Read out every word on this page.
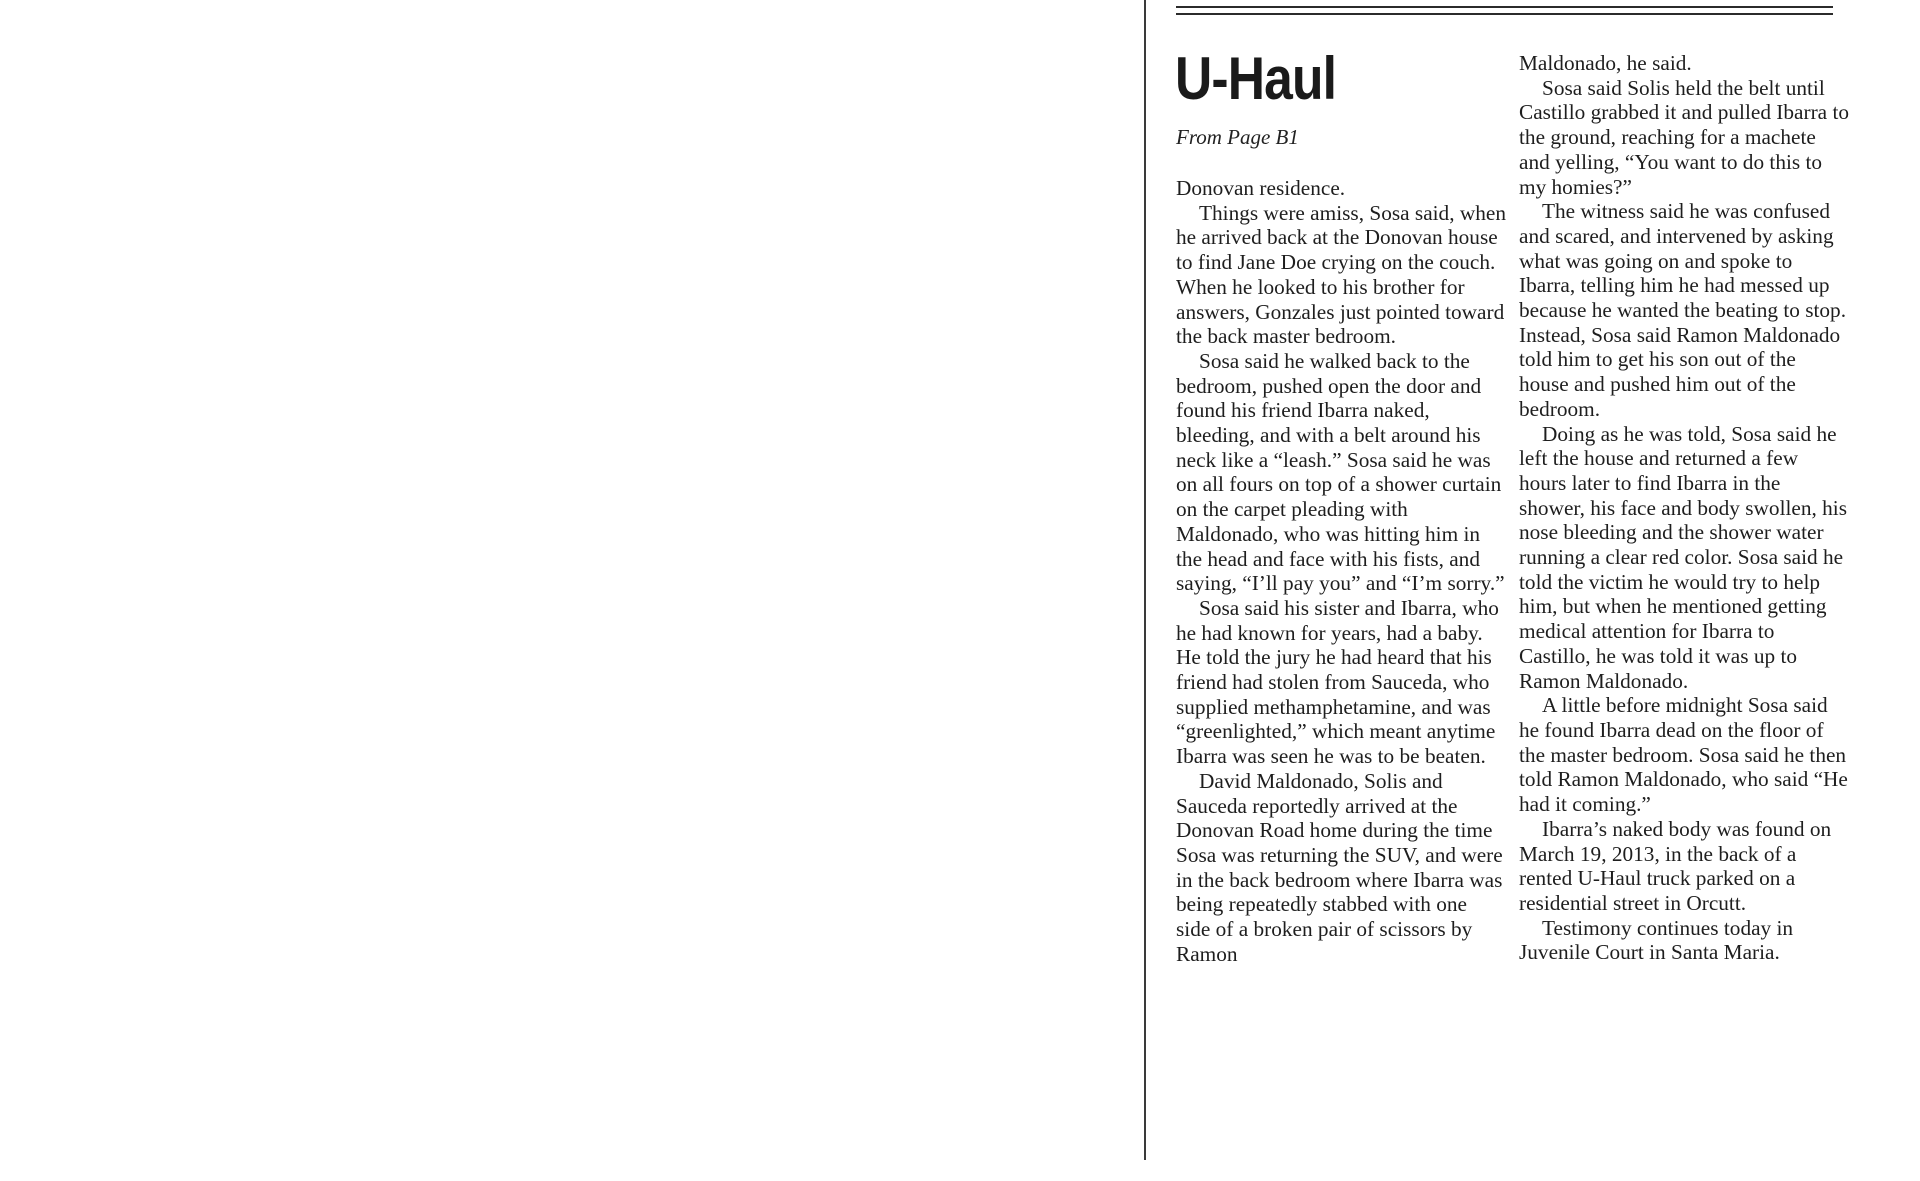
U-Haul
From Page B1

Donovan residence.

Things were amiss, Sosa said, when he arrived back at the Donovan house to find Jane Doe crying on the couch. When he looked to his brother for answers, Gonzales just pointed toward the back master bedroom.

Sosa said he walked back to the bedroom, pushed open the door and found his friend Ibarra naked, bleeding, and with a belt around his neck like a “leash.” Sosa said he was on all fours on top of a shower curtain on the carpet pleading with Maldonado, who was hitting him in the head and face with his fists, and saying, “I’ll pay you” and “I’m sorry.”

Sosa said his sister and Ibarra, who he had known for years, had a baby. He told the jury he had heard that his friend had stolen from Sauceda, who supplied methamphetamine, and was “greenlighted,” which meant anytime Ibarra was seen he was to be beaten.

David Maldonado, Solis and Sauceda reportedly arrived at the Donovan Road home during the time Sosa was returning the SUV, and were in the back bedroom where Ibarra was being repeatedly stabbed with one side of a broken pair of scissors by Ramon

Maldonado, he said.

Sosa said Solis held the belt until Castillo grabbed it and pulled Ibarra to the ground, reaching for a machete and yelling, “You want to do this to my homies?”

The witness said he was confused and scared, and intervened by asking what was going on and spoke to Ibarra, telling him he had messed up because he wanted the beating to stop. Instead, Sosa said Ramon Maldonado told him to get his son out of the house and pushed him out of the bedroom.

Doing as he was told, Sosa said he left the house and returned a few hours later to find Ibarra in the shower, his face and body swollen, his nose bleeding and the shower water running a clear red color. Sosa said he told the victim he would try to help him, but when he mentioned getting medical attention for Ibarra to Castillo, he was told it was up to Ramon Maldonado.

A little before midnight Sosa said he found Ibarra dead on the floor of the master bedroom. Sosa said he then told Ramon Maldonado, who said “He had it coming.”

Ibarra’s naked body was found on March 19, 2013, in the back of a rented U-Haul truck parked on a residential street in Orcutt.

Testimony continues today in Juvenile Court in Santa Maria.
